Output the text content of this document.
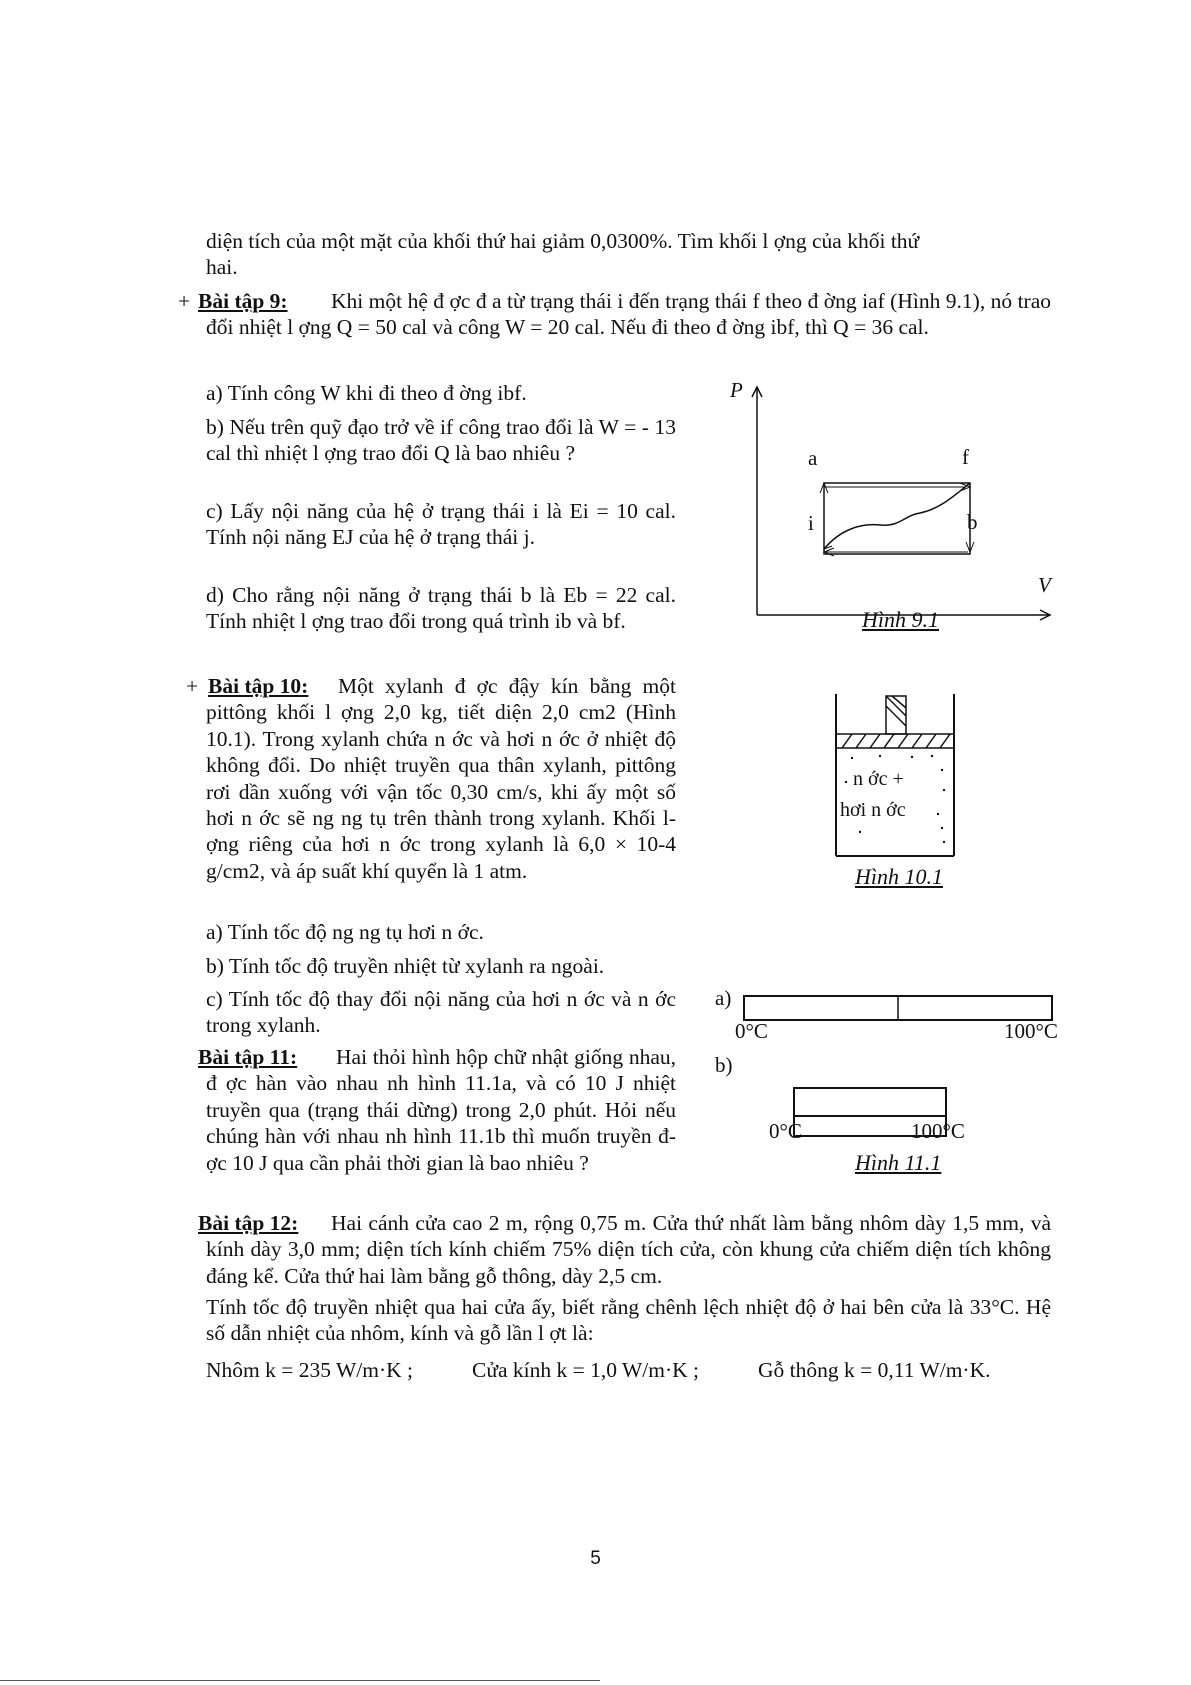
diện tích của một mặt của khối thứ hai giảm 0,0300%. Tìm khối l ợng của khối thứ
hai.
+ Bài tập 9:	Khi một hệ đ ợc đ a từ trạng thái i đến trạng thái f theo đ ờng iaf (Hình 9.1), nó trao đổi nhiệt l ợng Q = 50 cal và công W = 20 cal. Nếu đi theo đ ờng ibf, thì Q = 36 cal.
a) Tính công W khi đi theo đ ờng ibf.
b) Nếu trên quỹ đạo trở về if công trao đổi là W = - 13 cal thì nhiệt l ợng trao đổi Q là bao nhiêu ?
c) Lấy nội năng của hệ ở trạng thái i là Ei = 10 cal. Tính nội năng EJ của hệ ở trạng thái j.
d) Cho rằng nội năng ở trạng thái b là Eb = 22 cal. Tính nhiệt l ợng trao đổi trong quá trình ib và bf.
P
V
a	f
i	b
Hình 9.1
+ Bài tập 10:	Một xylanh đ ợc đậy kín bằng một pittông khối l ợng 2,0 kg, tiết diện 2,0 cm2 (Hình 10.1). Trong xylanh chứa n ớc và hơi n ớc ở nhiệt độ không đổi. Do nhiệt truyền qua thân xylanh, pittông rơi dần xuống với vận tốc 0,30 cm/s, khi ấy một số hơi n ớc sẽ ng ng tụ trên thành trong xylanh. Khối l ợng riêng của hơi n ớc trong xylanh là 6,0 × 10-4 g/cm2, và áp suất khí quyển là 1 atm.
a) Tính tốc độ ng ng tụ hơi n ớc.
b) Tính tốc độ truyền nhiệt từ xylanh ra ngoài.
c) Tính tốc độ thay đổi nội năng của hơi n ớc và n ớc trong xylanh.
n ớc +
hơi n ớc
Hình 10.1
Bài tập 11:	Hai thỏi hình hộp chữ nhật giống nhau, đ ợc hàn vào nhau nh hình 11.1a, và có 10 J nhiệt truyền qua (trạng thái dừng) trong 2,0 phút. Hỏi nếu chúng hàn với nhau nh hình 11.1b thì muốn truyền đ ợc 10 J qua cần phải thời gian là bao nhiêu ?
a)
0°C	100°C
b)
0°C	100°C
Hình 11.1
Bài tập 12:	Hai cánh cửa cao 2 m, rộng 0,75 m. Cửa thứ nhất làm bằng nhôm dày 1,5 mm, và kính dày 3,0 mm; diện tích kính chiếm 75% diện tích cửa, còn khung cửa chiếm diện tích không đáng kể. Cửa thứ hai làm bằng gỗ thông, dày 2,5 cm.
Tính tốc độ truyền nhiệt qua hai cửa ấy, biết rằng chênh lệch nhiệt độ ở hai bên cửa là 33°C. Hệ số dẫn nhiệt của nhôm, kính và gỗ lần l ợt là:
Nhôm k = 235 W/m·K ;	Cửa kính k = 1,0 W/m·K ;	Gỗ thông k = 0,11 W/m·K.
5
